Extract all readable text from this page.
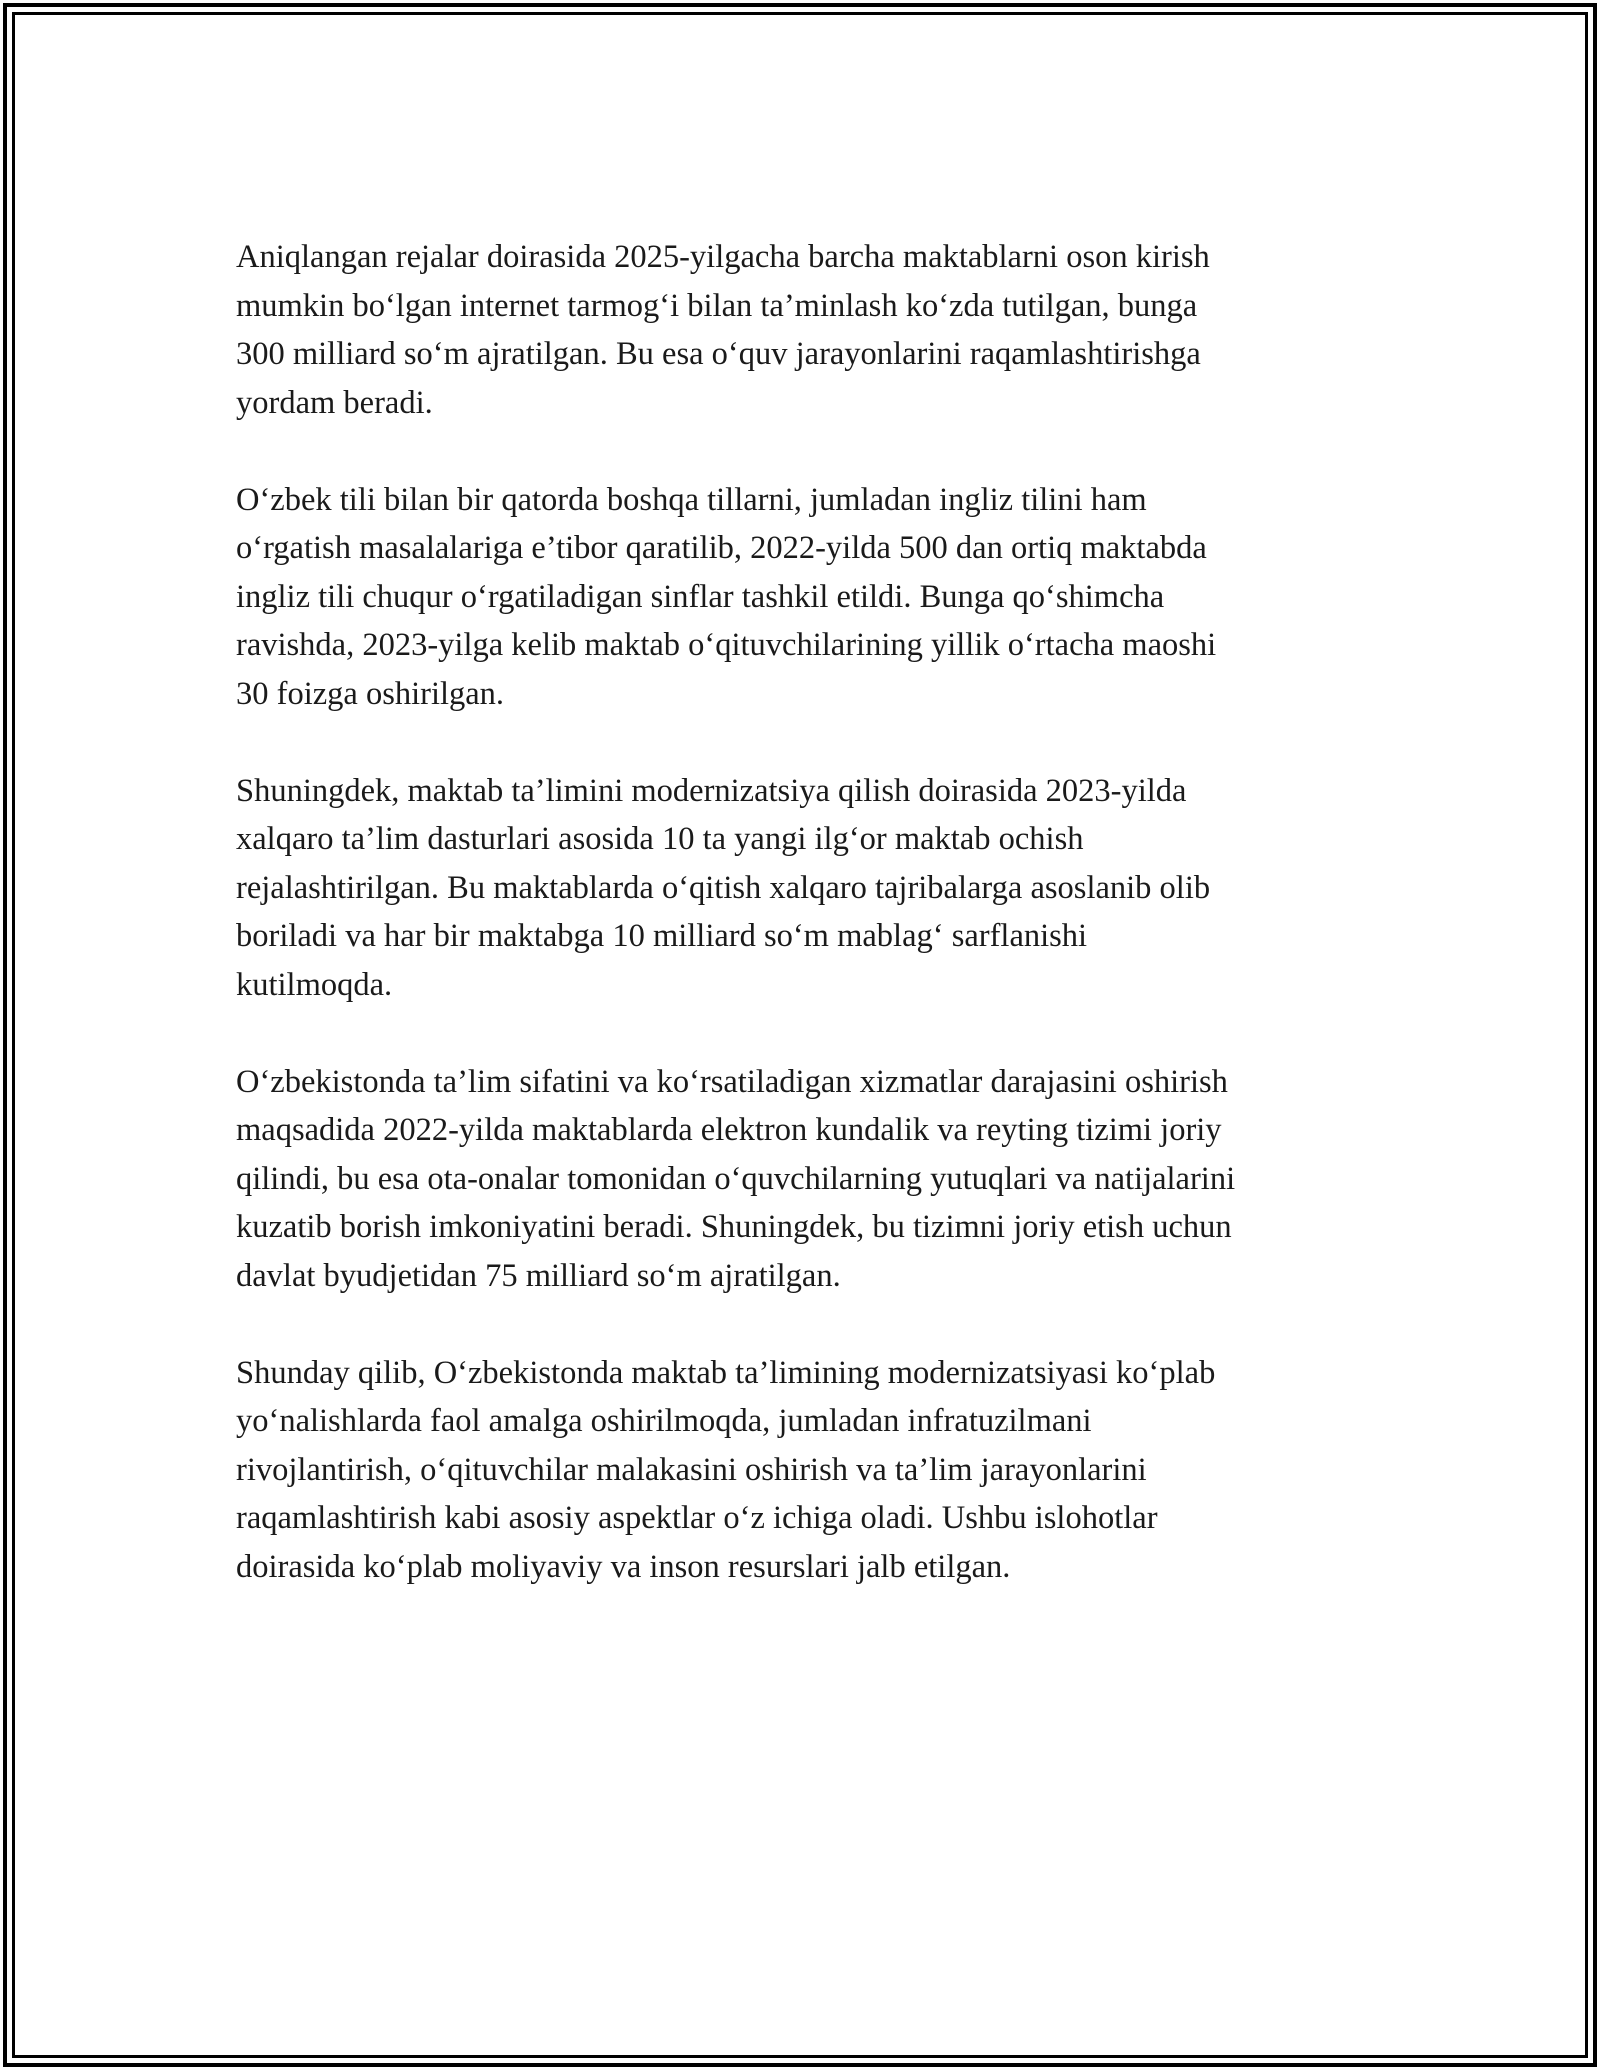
Aniqlangan rejalar doirasida 2025-yilgacha barcha maktablarni oson kirish
mumkin bo‘lgan internet tarmog‘i bilan ta’minlash ko‘zda tutilgan, bunga
300 milliard so‘m ajratilgan. Bu esa o‘quv jarayonlarini raqamlashtirishga
yordam beradi.

O‘zbek tili bilan bir qatorda boshqa tillarni, jumladan ingliz tilini ham
o‘rgatish masalalariga e’tibor qaratilib, 2022-yilda 500 dan ortiq maktabda
ingliz tili chuqur o‘rgatiladigan sinflar tashkil etildi. Bunga qo‘shimcha
ravishda, 2023-yilga kelib maktab o‘qituvchilarining yillik o‘rtacha maoshi
30 foizga oshirilgan.

Shuningdek, maktab ta’limini modernizatsiya qilish doirasida 2023-yilda
xalqaro ta’lim dasturlari asosida 10 ta yangi ilg‘or maktab ochish
rejalashtirilgan. Bu maktablarda o‘qitish xalqaro tajribalarga asoslanib olib
boriladi va har bir maktabga 10 milliard so‘m mablag‘ sarflanishi
kutilmoqda.

O‘zbekistonda ta’lim sifatini va ko‘rsatiladigan xizmatlar darajasini oshirish
maqsadida 2022-yilda maktablarda elektron kundalik va reyting tizimi joriy
qilindi, bu esa ota-onalar tomonidan o‘quvchilarning yutuqlari va natijalarini
kuzatib borish imkoniyatini beradi. Shuningdek, bu tizimni joriy etish uchun
davlat byudjetidan 75 milliard so‘m ajratilgan.

Shunday qilib, O‘zbekistonda maktab ta’limining modernizatsiyasi ko‘plab
yo‘nalishlarda faol amalga oshirilmoqda, jumladan infratuzilmani
rivojlantirish, o‘qituvchilar malakasini oshirish va ta’lim jarayonlarini
raqamlashtirish kabi asosiy aspektlar o‘z ichiga oladi. Ushbu islohotlar
doirasida ko‘plab moliyaviy va inson resurslari jalb etilgan.
